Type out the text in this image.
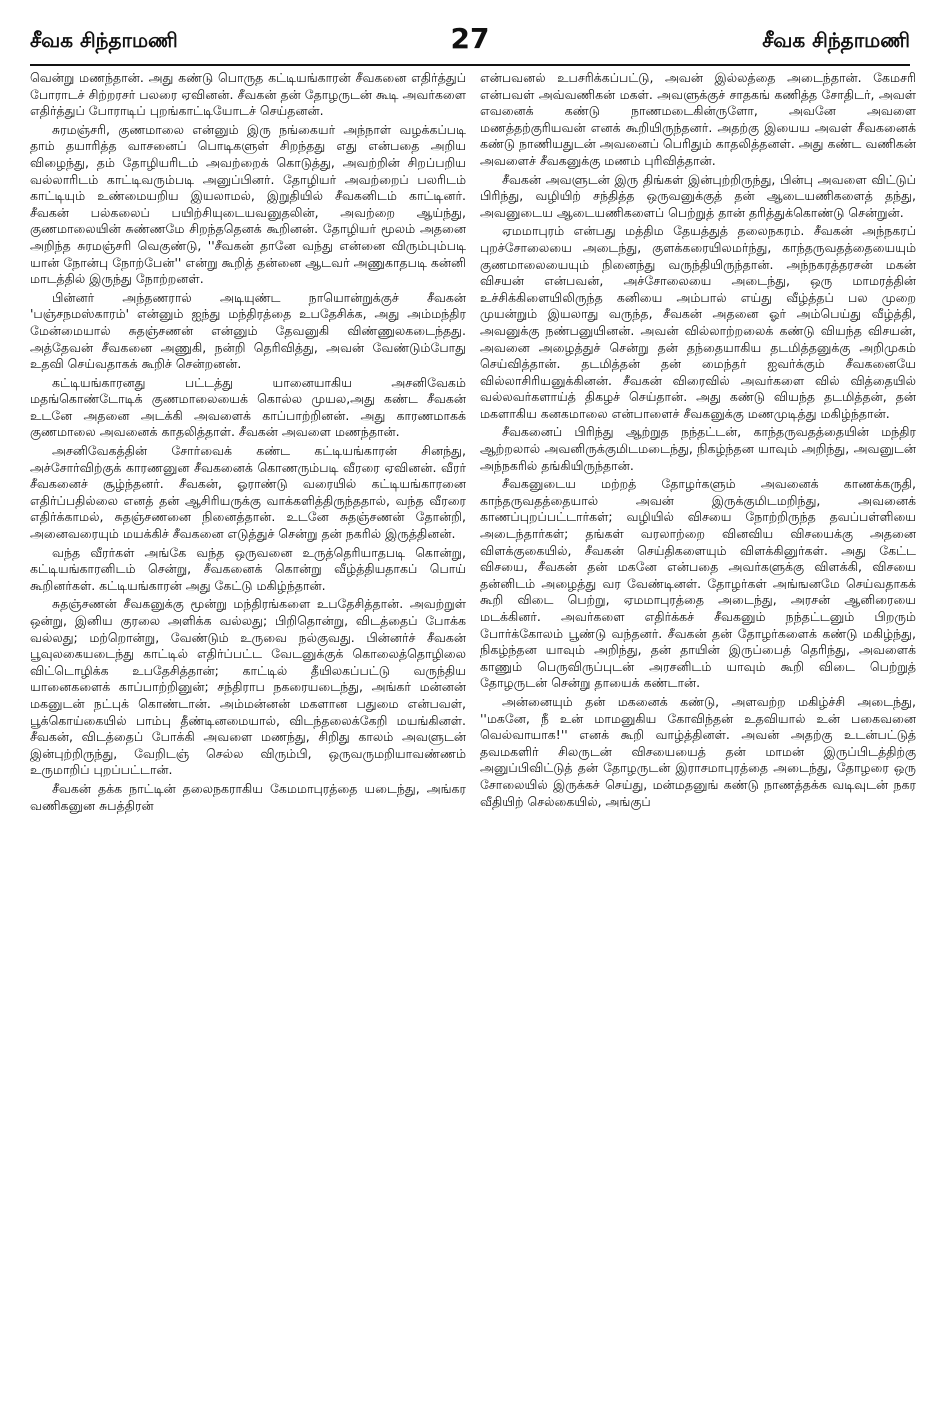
சீவக சிந்தாமணி	27	சீவக சிந்தாமணி

வென்று மணந்தான். அது கண்டு பொருத கட்டியங்காரன் சீவகனை எதிர்த்துப் போராடச் சிற்றரசர் பலரை ஏவினன். சீவகன் தன் தோழருடன் கூடி அவர்களை எதிர்த்துப் போராடிப் புறங்காட்டியோடச் செய்தனன்.

சுரமஞ்சரி, குணமாலை என்னும் இரு நங்கையர் அந்நாள் வழக்கப்படி தாம் தயாரித்த வாசனைப் பொடிகளுள் சிறந்தது எது என்பதை அறிய விழைந்து, தம் தோழியரிடம் அவற்றைக் கொடுத்து, அவற்றின் சிறப்பறிய வல்லாரிடம் காட்டிவரும்படி அனுப்பினர். தோழியர் அவற்றைப் பலரிடம் காட்டியும் உண்மையறிய இயலாமல், இறுதியில் சீவகனிடம் காட்டினர். சீவகன் பல்கலைப் பயிற்சியுடையவனுதலின், அவற்றை ஆய்ந்து, குணமாலையின் சுண்ணமே சிறந்ததெனக் கூறினன். தோழியர் மூலம் அதனை அறிந்த சுரமஞ்சரி வெகுண்டு, ''சீவகன் தானே வந்து என்னை விரும்பும்படி யான் நோன்பு நோற்பேன்'' என்று கூறித் தன்னை ஆடவர் அணுகாதபடி கன்னி மாடத்தில் இருந்து நோற்றனள்.

பின்னர் அந்தணரால் அடியுண்ட நாயொன்றுக்குச் சீவகன் 'பஞ்சநமஸ்காரம்' என்னும் ஐந்து மந்திரத்தை உபதேசிக்க, அது அம்மந்திர மேன்மையால் சுதஞ்சணன் என்னும் தேவனுகி விண்ணுலகடைந்தது. அத்தேவன் சீவகனை அணுகி, நன்றி தெரிவித்து, அவன் வேண்டும்போது உதவி செய்வதாகக் கூறிச் சென்றனன்.

கட்டியங்காரனது பட்டத்து யானையாகிய அசனிவேகம் மதங்கொண்டோடிக் குணமாலையைக் கொல்ல முயல,அது கண்ட சீவகன் உடனே அதனை அடக்கி அவளைக் காப்பாற்றினன். அது காரணமாகக் குணமாலை அவனைக் காதலித்தாள். சீவகன் அவளை மணந்தான்.

அசனிவேகத்தின் சோர்வைக் கண்ட கட்டியங்காரன் சினந்து, அச்சோர்விற்குக் காரணனுன சீவகனைக் கொணரும்படி வீரரை ஏவினன். வீரர் சீவகனைச் சூழ்ந்தனர். சீவகன், ஓராண்டு வரையில் கட்டியங்காரனை எதிர்ப்பதில்லை எனத் தன் ஆசிரியருக்கு வாக்களித்திருந்ததால், வந்த வீரரை எதிர்க்காமல், சுதஞ்சணனை நினைத்தான். உடனே சுதஞ்சணன் தோன்றி, அனைவரையும் மயக்கிச் சீவகனை எடுத்துச் சென்று தன் நகரில் இருத்தினன்.

வந்த வீரர்கள் அங்கே வந்த ஒருவனை உருத்தெரியாதபடி கொன்று, கட்டியங்காரனிடம் சென்று, சீவகனைக் கொன்று வீழ்த்தியதாகப் பொய் கூறினர்கள். கட்டியங்காரன் அது கேட்டு மகிழ்ந்தான்.

சுதஞ்சணன் சீவகனுக்கு மூன்று மந்திரங்களை உபதேசித்தான். அவற்றுள் ஒன்று, இனிய குரலை அளிக்க வல்லது; பிறிதொன்று, விடத்தைப் போக்க வல்லது; மற்றொன்று, வேண்டும் உருவை நல்குவது. பின்னர்ச் சீவகன் பூவுலகையடைந்து காட்டில் எதிர்ப்பட்ட வேடனுக்குக் கொலைத்தொழிலை விட்டொழிக்க உபதேசித்தான்; காட்டில் தீயிலகப்பட்டு வருந்திய யானைகளைக் காப்பாற்றினுன்; சந்திராப நகரையடைந்து, அங்கர் மன்னன் மகனுடன் நட்புக் கொண்டான். அம்மன்னன் மகளான பதுமை என்பவள், பூக்கொய்கையில் பாம்பு தீண்டினமையால், விடந்தலைக்கேறி மயங்கினள். சீவகன், விடத்தைப் போக்கி அவளை மணந்து, சிறிது காலம் அவளுடன் இன்புற்றிருந்து, வேறிடஞ் செல்ல விரும்பி, ஒருவருமறியாவண்ணம் உருமாறிப் புறப்பட்டான்.

சீவகன் தக்க நாட்டின் தலைநகராகிய கேமமாபுரத்தை யடைந்து, அங்கர வணிகனுன சுபத்திரன்

என்பவனல் உபசரிக்கப்பட்டு, அவன் இல்லத்தை அடைந்தான். கேமசரி என்பவள் அவ்வணிகன் மகள். அவளுக்குச் சாதகங் கணித்த சோதிடர், அவள் எவனைக் கண்டு நாணமடைகின்ருளோ, அவனே அவளை மணத்தற்குரியவன் எனக் கூறியிருந்தனர். அதற்கு இயைய அவள் சீவகனைக் கண்டு நாணியதுடன் அவனைப் பெரிதும் காதலித்தனள். அது கண்ட வணிகன் அவளைச் சீவகனுக்கு மணம் புரிவித்தான்.

சீவகன் அவளுடன் இரு திங்கள் இன்புற்றிருந்து, பின்பு அவளை விட்டுப் பிரிந்து, வழியிற் சந்தித்த ஒருவனுக்குத் தன் ஆடையணிகளைத் தந்து, அவனுடைய ஆடையணிகளைப் பெற்றுத் தான் தரித்துக்கொண்டு சென்றுன்.

ஏமமாபுரம் என்பது மத்திம தேயத்துத் தலைநகரம். சீவகன் அந்நகரப் புறச்சோலையை அடைந்து, குளக்கரையிலமர்ந்து, காந்தருவதத்தையையும் குணமாலையையும் நினைந்து வருந்தியிருந்தான். அந்நகரத்தரசன் மகன் விசயன் என்பவன், அச்சோலையை அடைந்து, ஒரு மாமரத்தின் உச்சிக்கிளையிலிருந்த கனியை அம்பால் எய்து வீழ்த்தப் பல முறை முயன்றும் இயலாது வருந்த, சீவகன் அதனை ஓர் அம்பெய்து வீழ்த்தி, அவனுக்கு நண்பனுயினன். அவன் வில்லாற்றலைக் கண்டு வியந்த விசயன், அவனை அழைத்துச் சென்று தன் தந்தையாகிய தடமித்தனுக்கு அறிமுகம் செய்வித்தான். தடமித்தன் தன் மைந்தர் ஐவர்க்கும் சீவகனையே வில்லாசிரியனுக்கினன். சீவகன் விரைவில் அவர்களை வில் வித்தையில் வல்லவர்களாய்த் திகழச் செய்தான். அது கண்டு வியந்த தடமித்தன், தன் மகளாகிய கனகமாலை என்பாளைச் சீவகனுக்கு மணமுடித்து மகிழ்ந்தான்.

சீவகனைப் பிரிந்து ஆற்றுத நந்தட்டன், காந்தருவதத்தையின் மந்திர ஆற்றலால் அவனிருக்குமிடமடைந்து, நிகழ்ந்தன யாவும் அறிந்து, அவனுடன் அந்நகரில் தங்கியிருந்தான்.

சீவகனுடைய மற்றத் தோழர்களும் அவனைக் காணக்கருதி, காந்தருவதத்தையால் அவன் இருக்குமிடமறிந்து, அவனைக் காணப்புறப்பட்டார்கள்; வழியில் விசயை நோற்றிருந்த தவப்பள்ளியை அடைந்தார்கள்; தங்கள் வரலாற்றை வினவிய விசயைக்கு அதனை விளக்குகையில், சீவகன் செய்திகளையும் விளக்கினுர்கள். அது கேட்ட விசயை, சீவகன் தன் மகனே என்பதை அவர்களுக்கு விளக்கி, விசயை தன்னிடம் அழைத்து வர வேண்டினள். தோழர்கள் அங்ஙனமே செய்வதாகக் கூறி விடை பெற்று, ஏமமாபுரத்தை அடைந்து, அரசன் ஆனிரையை மடக்கினர். அவர்களை எதிர்க்கச் சீவகனும் நந்தட்டனும் பிறரும் போர்க்கோலம் பூண்டு வந்தனர். சீவகன் தன் தோழர்களைக் கண்டு மகிழ்ந்து, நிகழ்ந்தன யாவும் அறிந்து, தன் தாயின் இருப்பைத் தெரிந்து, அவளைக் காணும் பெருவிருப்புடன் அரசனிடம் யாவும் கூறி விடை பெற்றுத் தோழருடன் சென்று தாயைக் கண்டான்.

அன்னையும் தன் மகனைக் கண்டு, அளவற்ற மகிழ்ச்சி அடைந்து, ''மகனே, நீ உன் மாமனுகிய கோவிந்தன் உதவியால் உன் பகைவனை வெல்வாயாக!'' எனக் கூறி வாழ்த்தினள். அவன் அதற்கு உடன்பட்டுத் தவமகளிர் சிலருடன் விசயையைத் தன் மாமன் இருப்பிடத்திற்கு அனுப்பிவிட்டுத் தன் தோழருடன் இராசமாபுரத்தை அடைந்து, தோழரை ஒரு சோலையில் இருக்கச் செய்து, மன்மதனுங் கண்டு நாணத்தக்க வடிவுடன் நகர வீதியிற் செல்கையில், அங்குப்
